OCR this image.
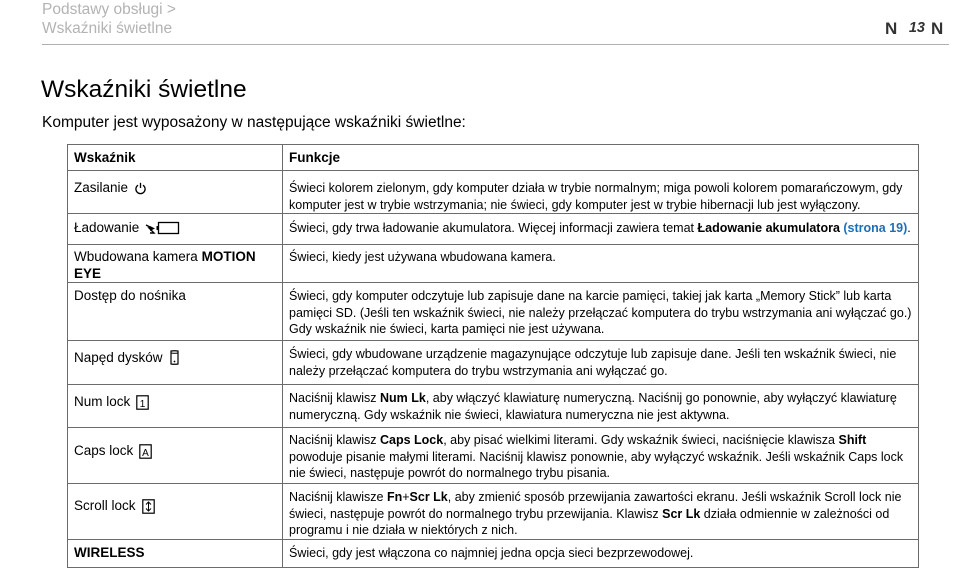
Podstawy obsługi >
Wskaźniki świetlne	N 13 N
Wskaźniki świetlne
Komputer jest wyposażony w następujące wskaźniki świetlne:
Wskaźnik	Funkcje

Zasilanie	Świeci kolorem zielonym, gdy komputer działa w trybie normalnym; miga powoli kolorem pomarańczowym, gdy komputer jest w trybie wstrzymania; nie świeci, gdy komputer jest w trybie hibernacji lub jest wyłączony.

Ładowanie	Świeci, gdy trwa ładowanie akumulatora. Więcej informacji zawiera temat Ładowanie akumulatora (strona 19).
Wbudowana kamera MOTION EYE	Świeci, kiedy jest używana wbudowana kamera.
Dostęp do nośnika	Świeci, gdy komputer odczytuje lub zapisuje dane na karcie pamięci, takiej jak karta „Memory Stick” lub karta pamięci SD. (Jeśli ten wskaźnik świeci, nie należy przełączać komputera do trybu wstrzymania ani wyłączać go.) Gdy wskaźnik nie świeci, karta pamięci nie jest używana.

Napęd dysków	Świeci, gdy wbudowane urządzenie magazynujące odczytuje lub zapisuje dane. Jeśli ten wskaźnik świeci, nie należy przełączać komputera do trybu wstrzymania ani wyłączać go.

Num lock 1	Naciśnij klawisz Num Lk, aby włączyć klawiaturę numeryczną. Naciśnij go ponownie, aby wyłączyć klawiaturę numeryczną. Gdy wskaźnik nie świeci, klawiatura numeryczna nie jest aktywna.

Caps lock A	Naciśnij klawisz Caps Lock, aby pisać wielkimi literami. Gdy wskaźnik świeci, naciśnięcie klawisza Shift powoduje pisanie małymi literami. Naciśnij klawisz ponownie, aby wyłączyć wskaźnik. Jeśli wskaźnik Caps lock nie świeci, następuje powrót do normalnego trybu pisania.

Scroll lock	Naciśnij klawisze Fn+Scr Lk, aby zmienić sposób przewijania zawartości ekranu. Jeśli wskaźnik Scroll lock nie świeci, następuje powrót do normalnego trybu przewijania. Klawisz Scr Lk działa odmiennie w zależności od programu i nie działa w niektórych z nich.
WIRELESS	Świeci, gdy jest włączona co najmniej jedna opcja sieci bezprzewodowej.
